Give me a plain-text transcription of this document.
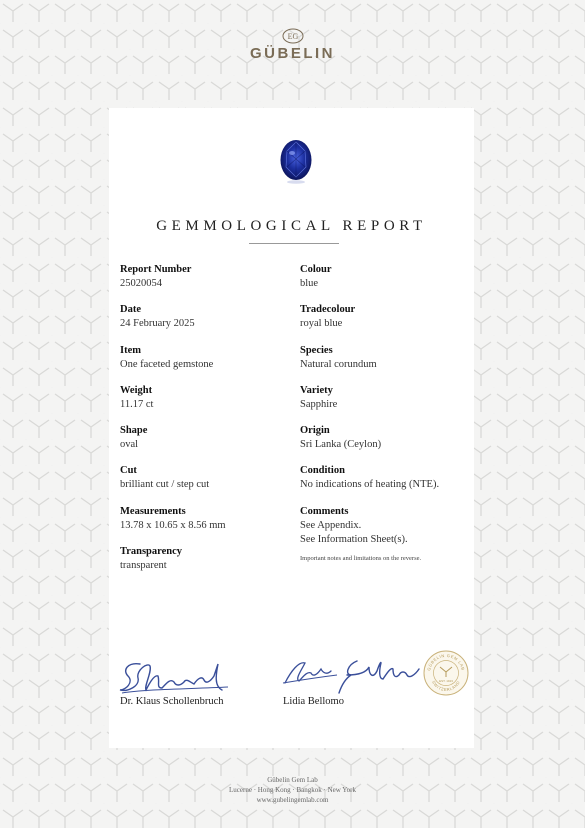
EG
GÜBELIN
GEMMOLOGICAL REPORT
Report Number
25020054
Date
24 February 2025
Item
One faceted gemstone
Weight
11.17 ct
Shape
oval
Cut
brilliant cut / step cut
Measurements
13.78 x 10.65 x 8.56 mm
Transparency
transparent
Colour
blue
Tradecolour
royal blue
Species
Natural corundum
Variety
Sapphire
Origin
Sri Lanka (Ceylon)
Condition
No indications of heating (NTE).
Comments
See Appendix.
See Information Sheet(s).
Important notes and limitations on the reverse.
Dr. Klaus Schollenbruch	Lidia Bellomo
GÜBELIN GEM LAB
SWITZERLAND
EST. 1923
Gübelin Gem Lab
Lucerne · Hong Kong · Bangkok · New York
www.gubelingemlab.com
